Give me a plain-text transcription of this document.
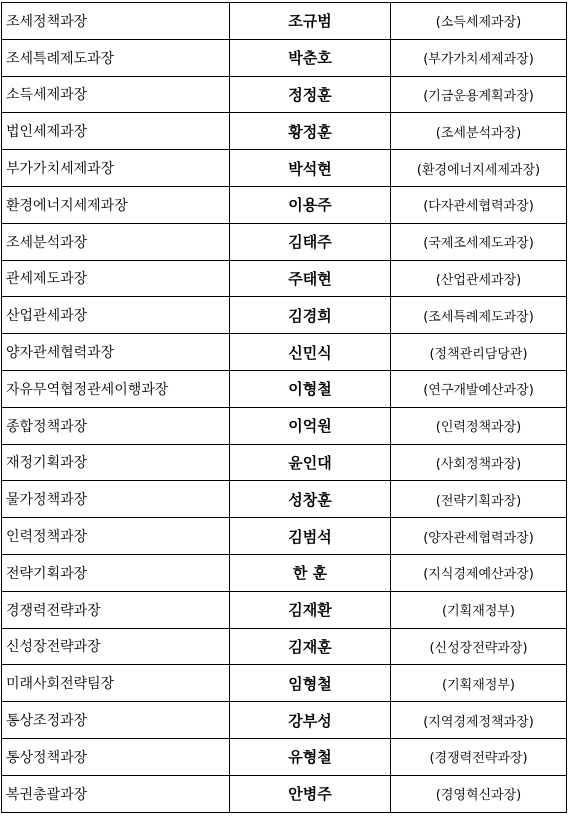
조세정책과장	조규범	(소득세제과장)
조세특례제도과장	박춘호	(부가가치세제과장)
소득세제과장	정정훈	(기금운용계획과장)
법인세제과장	황정훈	(조세분석과장)
부가가치세제과장	박석현	(환경에너지세제과장)
환경에너지세제과장	이용주	(다자관세협력과장)
조세분석과장	김태주	(국제조세제도과장)
관세제도과장	주태현	(산업관세과장)
산업관세과장	김경희	(조세특례제도과장)
양자관세협력과장	신민식	(정책관리담당관)
자유무역협정관세이행과장	이형철	(연구개발예산과장)
종합정책과장	이억원	(인력정책과장)
재정기획과장	윤인대	(사회정책과장)
물가정책과장	성창훈	(전략기획과장)
인력정책과장	김범석	(양자관세협력과장)
전략기획과장	한 훈	(지식경제예산과장)
경쟁력전략과장	김재환	(기획재정부)
신성장전략과장	김재훈	(신성장전략과장)
미래사회전략팀장	임형철	(기획재정부)
통상조정과장	강부성	(지역경제정책과장)
통상정책과장	유형철	(경쟁력전략과장)
복권총괄과장	안병주	(경영혁신과장)
